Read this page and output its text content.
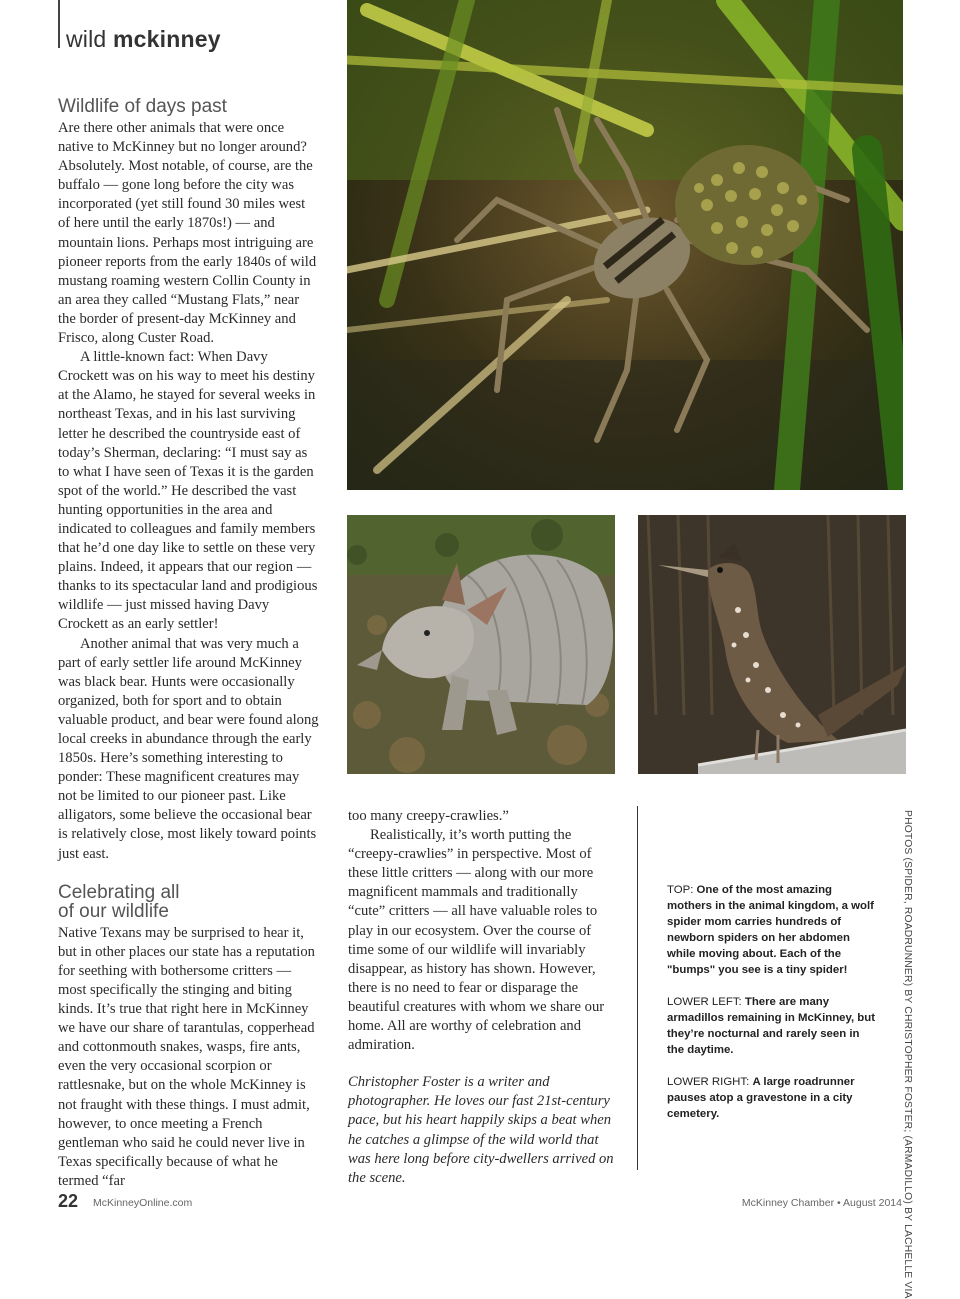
wild mckinney
Wildlife of days past

Are there other animals that were once native to McKinney but no longer around? Absolutely. Most notable, of course, are the buffalo — gone long before the city was incorporated (yet still found 30 miles west of here until the early 1870s!) — and mountain lions. Perhaps most intriguing are pioneer reports from the early 1840s of wild mustang roaming western Collin County in an area they called “Mustang Flats,” near the border of present-day McKinney and Frisco, along Custer Road.

A little-known fact: When Davy Crockett was on his way to meet his destiny at the Alamo, he stayed for several weeks in northeast Texas, and in his last surviving letter he described the countryside east of today’s Sherman, declaring: “I must say as to what I have seen of Texas it is the garden spot of the world.” He described the vast hunting opportunities in the area and indicated to colleagues and family members that he’d one day like to settle on these very plains. Indeed, it appears that our region — thanks to its spectacular land and prodigious wildlife — just missed having Davy Crockett as an early settler!

Another animal that was very much a part of early settler life around McKinney was black bear. Hunts were occasionally organized, both for sport and to obtain valuable product, and bear were found along local creeks in abundance through the early 1850s. Here’s something interesting to ponder: These magnificent creatures may not be limited to our pioneer past. Like alligators, some believe the occasional bear is relatively close, most likely toward points just east.

Celebrating all
of our wildlife

Native Texans may be surprised to hear it, but in other places our state has a reputation for seething with bothersome critters — most specifically the stinging and biting kinds. It’s true that right here in McKinney we have our share of tarantulas, copperhead and cottonmouth snakes, wasps, fire ants, even the very occasional scorpion or rattlesnake, but on the whole McKinney is not fraught with these things. I must admit, however, to once meeting a French gentleman who said he could never live in Texas specifically because of what he termed “far

too many creepy-crawlies.”

Realistically, it’s worth putting the “creepy-crawlies” in perspective. Most of these little critters — along with our more magnificent mammals and traditionally “cute” critters — all have valuable roles to play in our ecosystem. Over the course of time some of our wildlife will invariably disappear, as history has shown. However, there is no need to fear or disparage the beautiful creatures with whom we share our home. All are worthy of celebration and admiration.

Christopher Foster is a writer and photographer. He loves our fast 21st-century pace, but his heart happily skips a beat when he catches a glimpse of the wild world that was here long before city-dwellers arrived on the scene.

TOP: One of the most amazing mothers in the animal kingdom, a wolf spider mom carries hundreds of newborn spiders on her abdomen while moving about. Each of the "bumps" you see is a tiny spider!

LOWER LEFT: There are many armadillos remaining in McKinney, but they’re nocturnal and rarely seen in the daytime.

LOWER RIGHT: A large roadrunner pauses atop a gravestone in a city cemetery.	PHOTOS (SPIDER, ROADRUNNER) BY CHRISTOPHER FOSTER; (ARMADILLO) BY LACHELLE VIA
22 McKinneyOnline.com	McKinney Chamber • August 2014
